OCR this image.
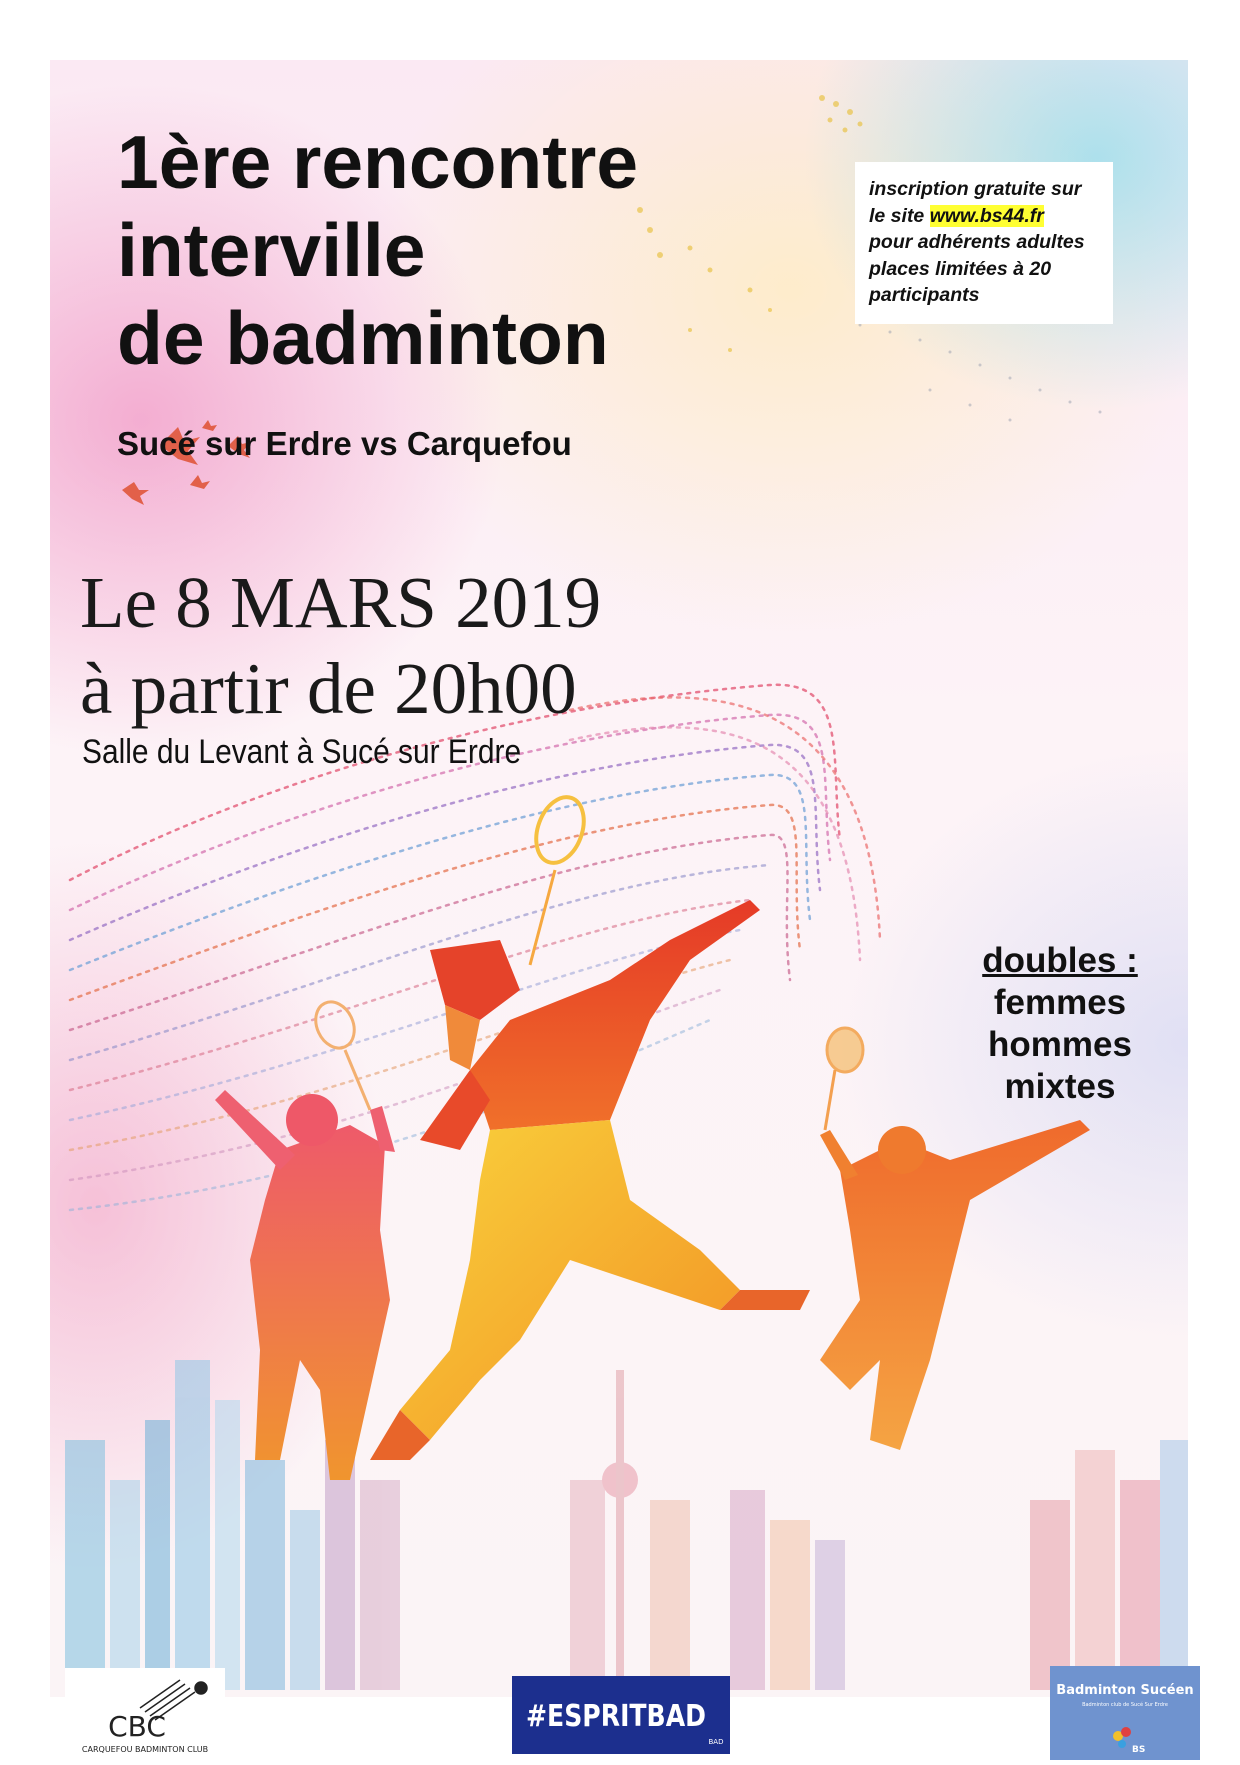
1ère rencontre
interville
de badminton
Sucé sur Erdre vs Carquefou
Le 8 MARS 2019
à partir de 20h00
Salle du Levant à Sucé sur Erdre
inscription gratuite sur
le site www.bs44.fr
pour adhérents adultes
places limitées à 20
participants
doubles :
femmes
hommes
mixtes
CBC
CARQUEFOU BADMINTON CLUB
#ESPRITBAD
BAD
Badminton Sucéen
Badminton club de Sucé Sur Erdre
BS
